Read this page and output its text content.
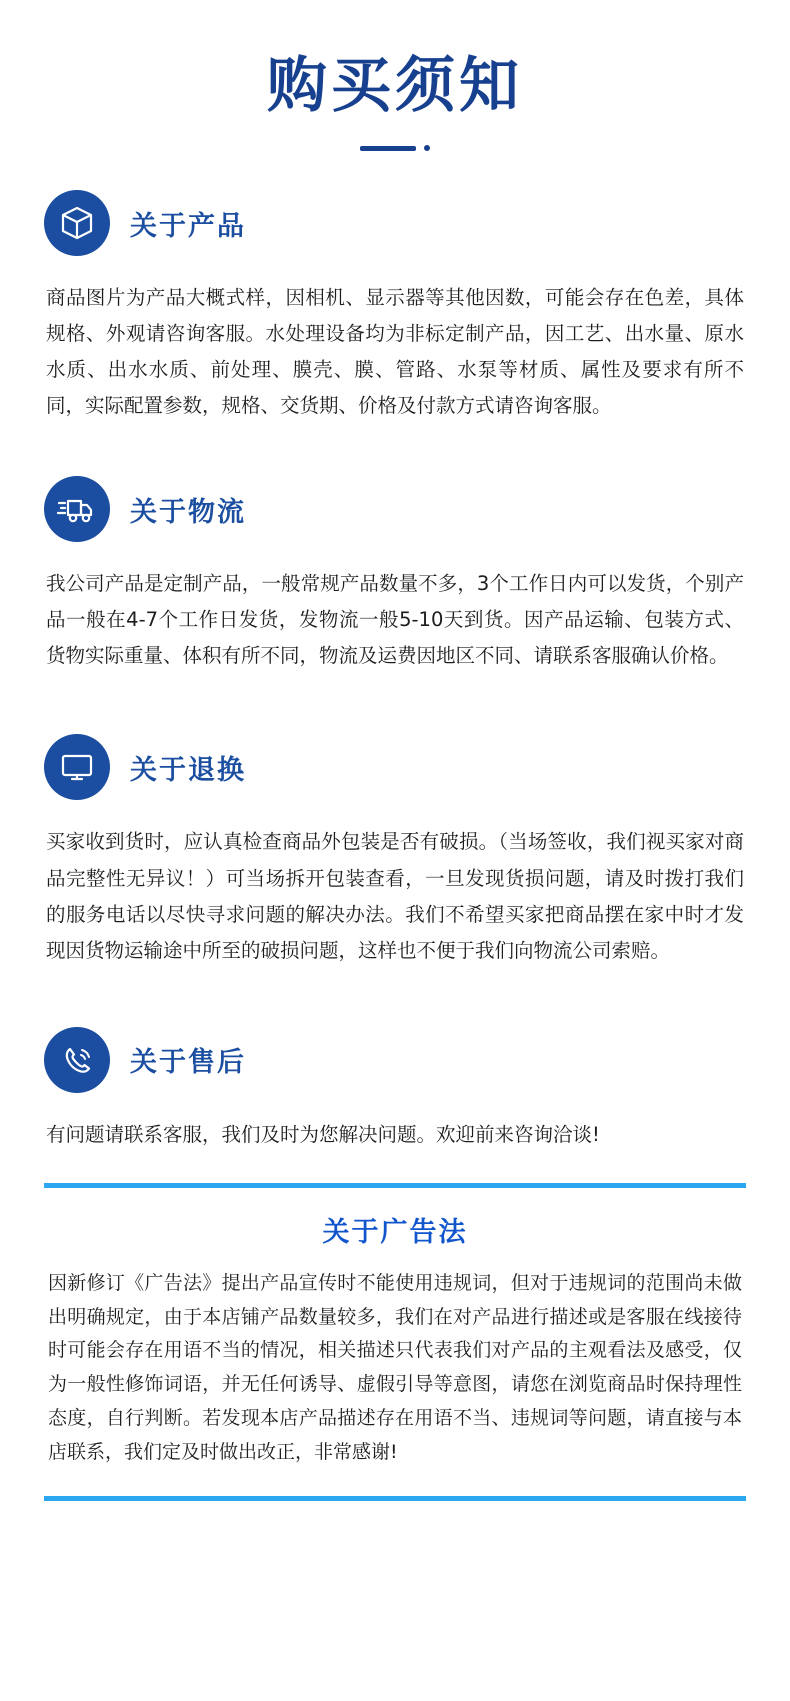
购买须知
关于产品
商品图片为产品大概式样，因相机、显示器等其他因数，可能会存在色差，具体规格、外观请咨询客服。水处理设备均为非标定制产品，因工艺、出水量、原水水质、出水水质、前处理、膜壳、膜、管路、水泵等材质、属性及要求有所不同，实际配置参数，规格、交货期、价格及付款方式请咨询客服。
关于物流
我公司产品是定制产品，一般常规产品数量不多，3个工作日内可以发货，个别产品一般在4-7个工作日发货，发物流一般5-10天到货。因产品运输、包装方式、货物实际重量、体积有所不同，物流及运费因地区不同、请联系客服确认价格。
关于退换
买家收到货时，应认真检查商品外包装是否有破损。（当场签收，我们视买家对商品完整性无异议！）可当场拆开包装查看，一旦发现货损问题，请及时拨打我们的服务电话以尽快寻求问题的解决办法。我们不希望买家把商品摆在家中时才发现因货物运输途中所至的破损问题，这样也不便于我们向物流公司索赔。
关于售后
有问题请联系客服，我们及时为您解决问题。欢迎前来咨询洽谈!
关于广告法
因新修订《广告法》提出产品宣传时不能使用违规词，但对于违规词的范围尚未做出明确规定，由于本店铺产品数量较多，我们在对产品进行描述或是客服在线接待时可能会存在用语不当的情况，相关描述只代表我们对产品的主观看法及感受，仅为一般性修饰词语，并无任何诱导、虚假引导等意图，请您在浏览商品时保持理性态度，自行判断。若发现本店产品描述存在用语不当、违规词等问题，请直接与本店联系，我们定及时做出改正，非常感谢!
